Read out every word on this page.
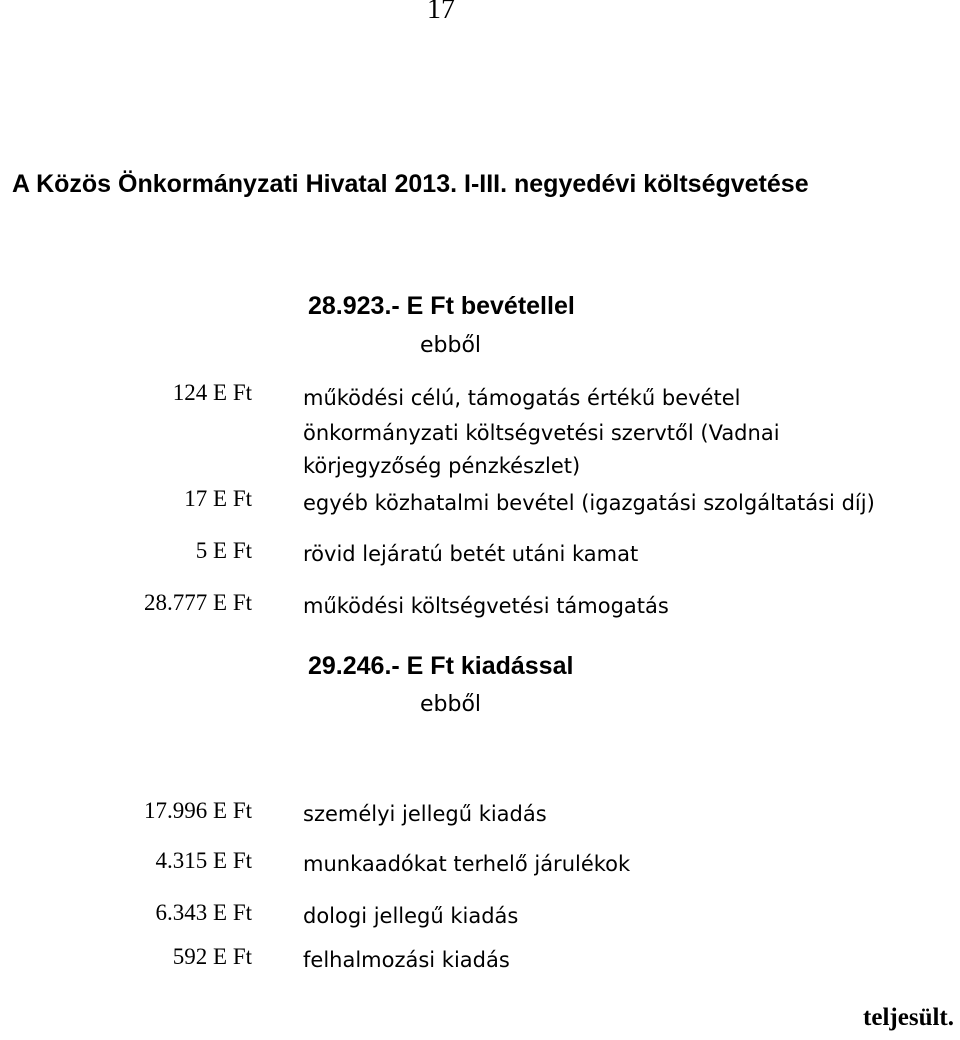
17
A Közös Önkormányzati Hivatal 2013. I-III. negyedévi költségvetése
28.923.- E Ft bevétellel
ebből
124 E Ft működési célú, támogatás értékű bevétel
önkormányzati költségvetési szervtől (Vadnai
körjegyzőség pénzkészlet)
17 E Ft egyéb közhatalmi bevétel (igazgatási szolgáltatási díj)
5 E Ft rövid lejáratú betét utáni kamat
28.777 E Ft működési költségvetési támogatás
29.246.- E Ft kiadással
ebből
17.996 E Ft személyi jellegű kiadás
4.315 E Ft munkaadókat terhelő járulékok
6.343 E Ft dologi jellegű kiadás
592 E Ft felhalmozási kiadás
teljesült.
